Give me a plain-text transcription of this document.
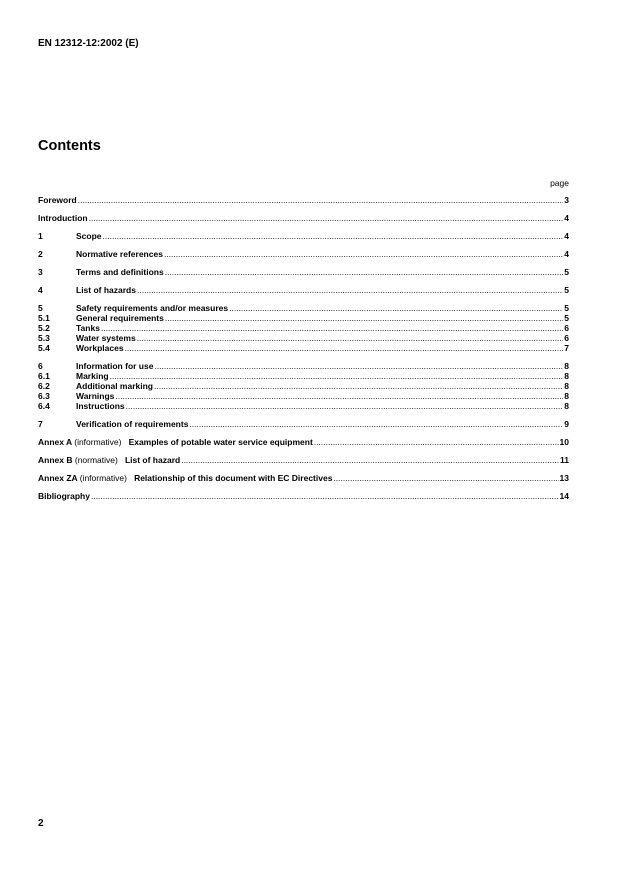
EN 12312-12:2002 (E)
Contents
page
Foreword .....	3
Introduction .....	4
1	Scope .....	4
2	Normative references .....	4
3	Terms and definitions .....	5
4	List of hazards .....	5
5	Safety requirements and/or measures .....	5
5.1	General requirements .....	5
5.2	Tanks .....	6
5.3	Water systems .....	6
5.4	Workplaces .....	7
6	Information for use .....	8
6.1	Marking .....	8
6.2	Additional marking .....	8
6.3	Warnings .....	8
6.4	Instructions .....	8
7	Verification of requirements .....	9
Annex A (informative) Examples of potable water service equipment .....	10
Annex B (normative) List of hazard .....	11
Annex ZA (informative) Relationship of this document with EC Directives .....	13
Bibliography .....	14
2
